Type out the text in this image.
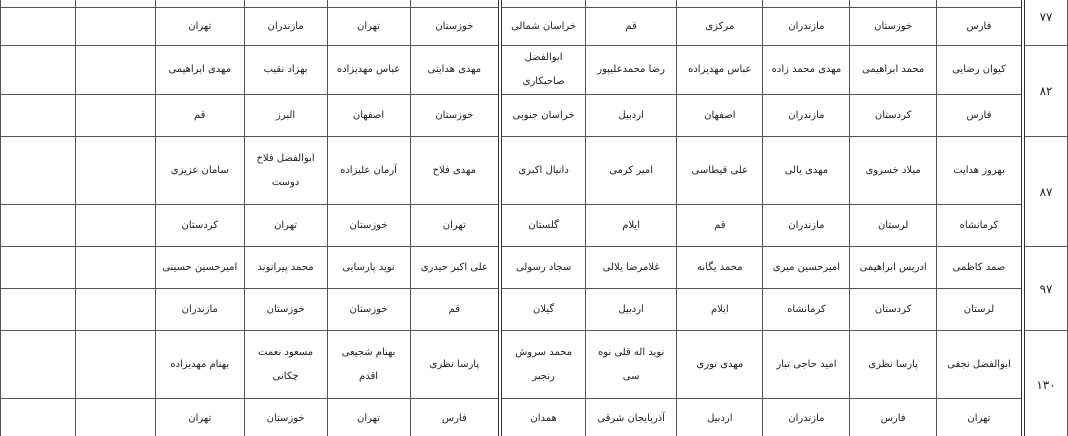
۷۷												
	فارس	خوزستان	مازندران	مرکزی	قم	خراسان شمالی	خوزستان	تهران	مازندران	تهران		
۸۲	کیوان رضایی	محمد ابراهیمی	مهدی محمد زاده	عباس مهدیزاده	رضا محمدعلیپور	ابوالفضل صاحبکاری	مهدی هدایتی	عباس مهدیزاده	بهزاد نقیب	مهدی ابراهیمی		
	فارس	کردستان	مازندران	اصفهان	اردبیل	خراسان جنوبی	خوزستان	اصفهان	البرز	قم		
۸۷	بهروز هدایت	میلاد خسروی	مهدی یالی	علی قیطاسی	امیر کرمی	دانیال اکبری	مهدی فلاح	آرمان علیزاده	ابوالفضل فلاح دوست	سامان عزیزی		
	کرمانشاه	لرستان	مازندران	قم	ایلام	گلستان	تهران	خوزستان	تهران	کردستان		
۹۷	صمد کاظمی	ادریس ابراهیمی	امیرحسین میری	محمد یگانه	غلامرضا یلالی	سجاد رسولی	علی اکبر حیدری	نوید پارسایی	محمد پیرانوند	امیرحسین حسینی		
	لرستان	کردستان	کرمانشاه	ایلام	اردبیل	گیلان	قم	خوزستان	خوزستان	مازندران		
۱۳۰	ابوالفضل نجفی	پارسا نظری	امید حاجی تبار	مهدی نوری	نوید اله قلی نوه سی	محمد سروش رنجبر	پارسا نظری	بهنام شجیعی اقدم	مسعود نعمت چکانی	بهنام مهدیزاده		
	تهران	فارس	مازندران	اردبیل	آذربایجان شرقی	همدان	فارس	تهران	خوزستان	تهران		
